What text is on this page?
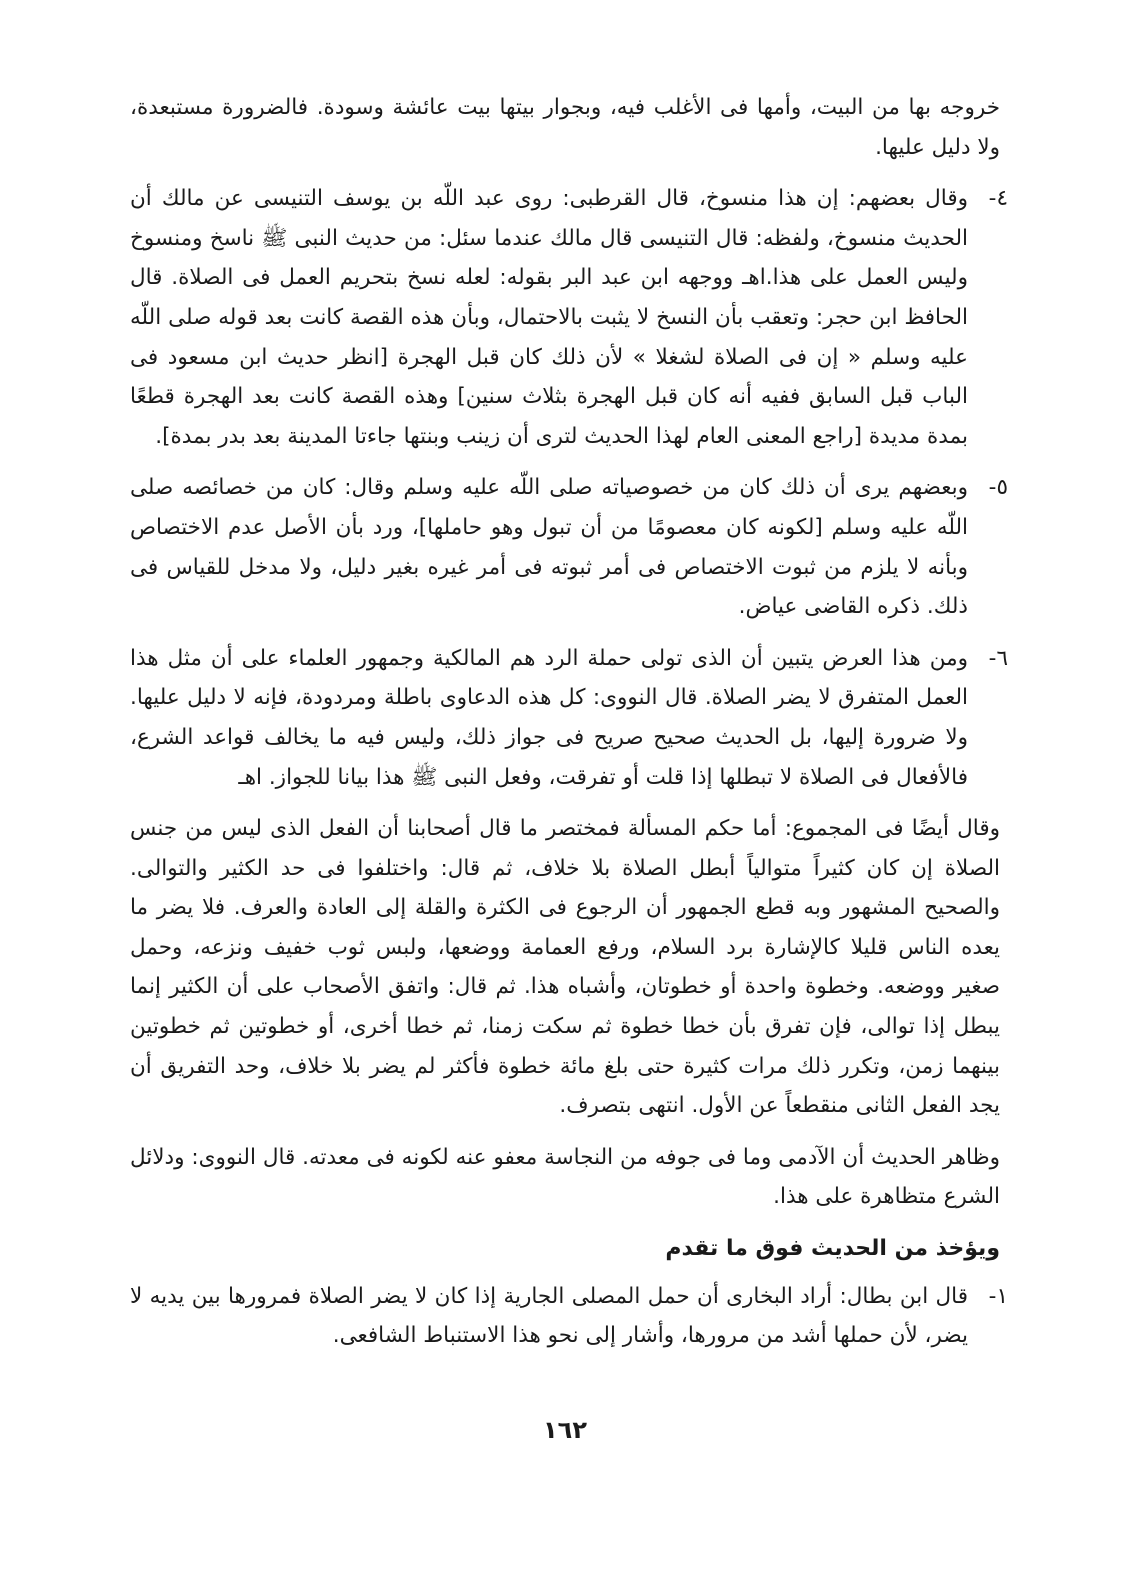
خروجه بها من البيت، وأمها فى الأغلب فيه، وبجوار بيتها بيت عائشة وسودة. فالضرورة مستبعدة، ولا دليل عليها.

٤-
وقال بعضهم: إن هذا منسوخ، قال القرطبى: روى عبد اللّه بن يوسف التنيسى عن مالك أن الحديث منسوخ، ولفظه: قال التنيسى قال مالك عندما سئل: من حديث النبى ﷺ ناسخ ومنسوخ وليس العمل على هذا.اهـ ووجهه ابن عبد البر بقوله: لعله نسخ بتحريم العمل فى الصلاة. قال الحافظ ابن حجر: وتعقب بأن النسخ لا يثبت بالاحتمال، وبأن هذه القصة كانت بعد قوله صلى اللّه عليه وسلم « إن فى الصلاة لشغلا » لأن ذلك كان قبل الهجرة [انظر حديث ابن مسعود فى الباب قبل السابق ففيه أنه كان قبل الهجرة بثلاث سنين] وهذه القصة كانت بعد الهجرة قطعًا بمدة مديدة [راجع المعنى العام لهذا الحديث لترى أن زينب وبنتها جاءتا المدينة بعد بدر بمدة].
٥-
وبعضهم يرى أن ذلك كان من خصوصياته صلى اللّه عليه وسلم وقال: كان من خصائصه صلى اللّه عليه وسلم [لكونه كان معصومًا من أن تبول وهو حاملها]، ورد بأن الأصل عدم الاختصاص وبأنه لا يلزم من ثبوت الاختصاص فى أمر ثبوته فى أمر غيره بغير دليل، ولا مدخل للقياس فى ذلك. ذكره القاضى عياض.
٦-
ومن هذا العرض يتبين أن الذى تولى حملة الرد هم المالكية وجمهور العلماء على أن مثل هذا العمل المتفرق لا يضر الصلاة. قال النووى: كل هذه الدعاوى باطلة ومردودة، فإنه لا دليل عليها. ولا ضرورة إليها، بل الحديث صحيح صريح فى جواز ذلك، وليس فيه ما يخالف قواعد الشرع، فالأفعال فى الصلاة لا تبطلها إذا قلت أو تفرقت، وفعل النبى ﷺ هذا بيانا للجواز. اهـ

وقال أيضًا فى المجموع: أما حكم المسألة فمختصر ما قال أصحابنا أن الفعل الذى ليس من جنس الصلاة إن كان كثيراً متوالياً أبطل الصلاة بلا خلاف، ثم قال: واختلفوا فى حد الكثير والتوالى. والصحيح المشهور وبه قطع الجمهور أن الرجوع فى الكثرة والقلة إلى العادة والعرف. فلا يضر ما يعده الناس قليلا كالإشارة برد السلام، ورفع العمامة ووضعها، ولبس ثوب خفيف ونزعه، وحمل صغير ووضعه. وخطوة واحدة أو خطوتان، وأشباه هذا. ثم قال: واتفق الأصحاب على أن الكثير إنما يبطل إذا توالى، فإن تفرق بأن خطا خطوة ثم سكت زمنا، ثم خطا أخرى، أو خطوتين ثم خطوتين بينهما زمن، وتكرر ذلك مرات كثيرة حتى بلغ مائة خطوة فأكثر لم يضر بلا خلاف، وحد التفريق أن يجد الفعل الثانى منقطعاً عن الأول. انتهى بتصرف.

وظاهر الحديث أن الآدمى وما فى جوفه من النجاسة معفو عنه لكونه فى معدته. قال النووى: ودلائل الشرع متظاهرة على هذا.

ويؤخذ من الحديث فوق ما تقدم
١-
قال ابن بطال: أراد البخارى أن حمل المصلى الجارية إذا كان لا يضر الصلاة فمرورها بين يديه لا يضر، لأن حملها أشد من مرورها، وأشار إلى نحو هذا الاستنباط الشافعى.
١٦٢
